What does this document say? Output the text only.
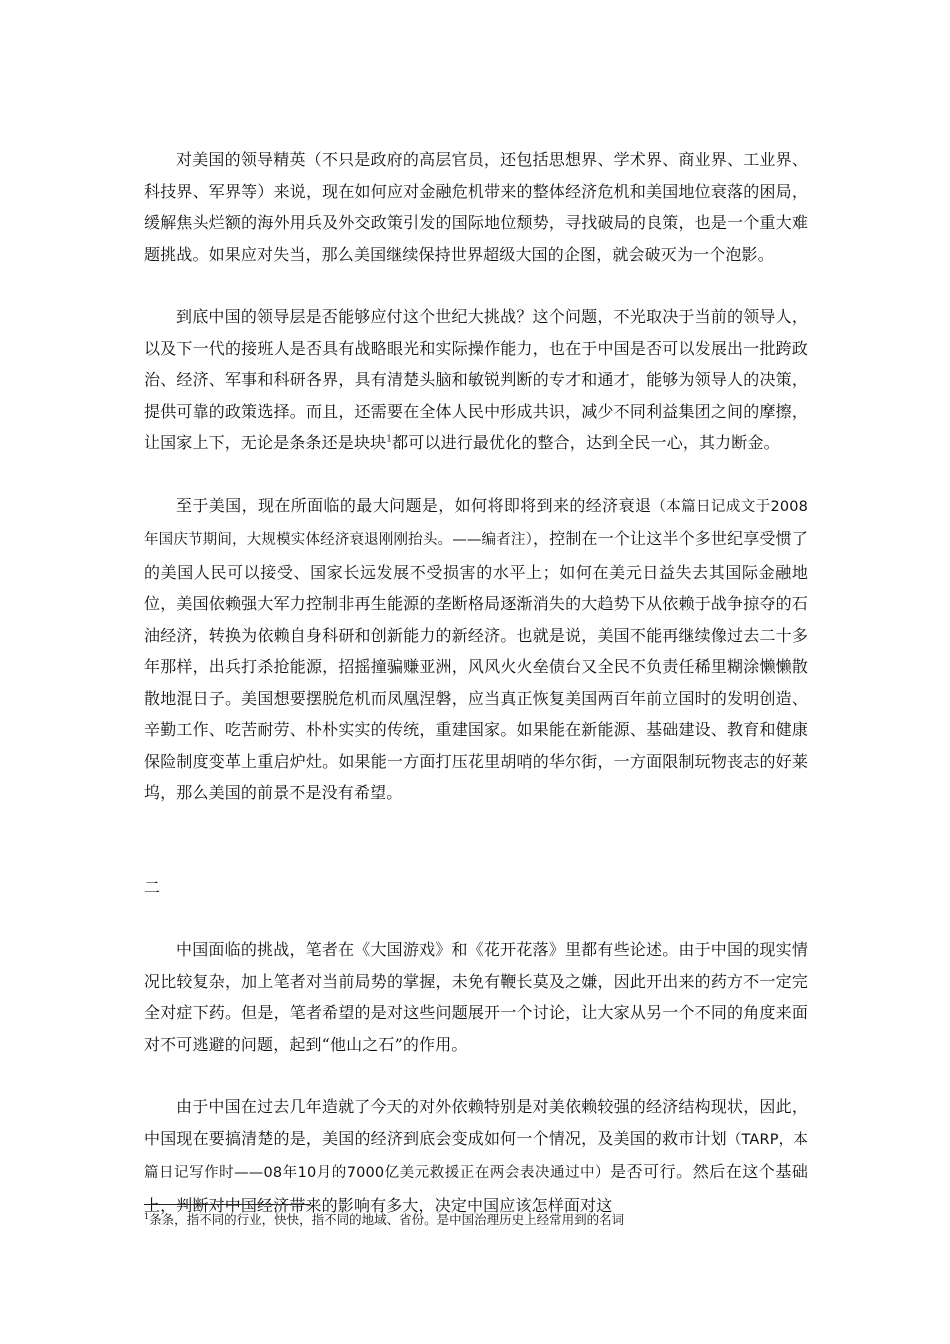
对美国的领导精英（不只是政府的高层官员，还包括思想界、学术界、商业界、工业界、科技界、军界等）来说，现在如何应对金融危机带来的整体经济危机和美国地位衰落的困局，缓解焦头烂额的海外用兵及外交政策引发的国际地位颓势，寻找破局的良策，也是一个重大难题挑战。如果应对失当，那么美国继续保持世界超级大国的企图，就会破灭为一个泡影。

到底中国的领导层是否能够应付这个世纪大挑战？这个问题，不光取决于当前的领导人，以及下一代的接班人是否具有战略眼光和实际操作能力，也在于中国是否可以发展出一批跨政治、经济、军事和科研各界，具有清楚头脑和敏锐判断的专才和通才，能够为领导人的决策，提供可靠的政策选择。而且，还需要在全体人民中形成共识，减少不同利益集团之间的摩擦，让国家上下，无论是条条还是块块$^1$都可以进行最优化的整合，达到全民一心，其力断金。

至于美国，现在所面临的最大问题是，如何将即将到来的经济衰退（本篇日记成文于2008年国庆节期间，大规模实体经济衰退刚刚抬头。——编者注），控制在一个让这半个多世纪享受惯了的美国人民可以接受、国家长远发展不受损害的水平上；如何在美元日益失去其国际金融地位，美国依赖强大军力控制非再生能源的垄断格局逐渐消失的大趋势下从依赖于战争掠夺的石油经济，转换为依赖自身科研和创新能力的新经济。也就是说，美国不能再继续像过去二十多年那样，出兵打杀抢能源，招摇撞骗赚亚洲，风风火火垒债台又全民不负责任稀里糊涂懒懒散散地混日子。美国想要摆脱危机而凤凰涅磐，应当真正恢复美国两百年前立国时的发明创造、辛勤工作、吃苦耐劳、朴朴实实的传统，重建国家。如果能在新能源、基础建设、教育和健康保险制度变革上重启炉灶。如果能一方面打压花里胡哨的华尔街，一方面限制玩物丧志的好莱坞，那么美国的前景不是没有希望。

二

中国面临的挑战，笔者在《大国游戏》和《花开花落》里都有些论述。由于中国的现实情况比较复杂，加上笔者对当前局势的掌握，未免有鞭长莫及之嫌，因此开出来的药方不一定完全对症下药。但是，笔者希望的是对这些问题展开一个讨论，让大家从另一个不同的角度来面对不可逃避的问题，起到“他山之石”的作用。

由于中国在过去几年造就了今天的对外依赖特别是对美依赖较强的经济结构现状，因此，中国现在要搞清楚的是，美国的经济到底会变成如何一个情况，及美国的救市计划（TARP，本篇日记写作时——08年10月的7000亿美元救援正在两会表决通过中）是否可行。然后在这个基础上，判断对中国经济带来的影响有多大，决定中国应该怎样面对这

$^1$条条，指不同的行业，快快，指不同的地域、省份。是中国治理历史上经常用到的名词
